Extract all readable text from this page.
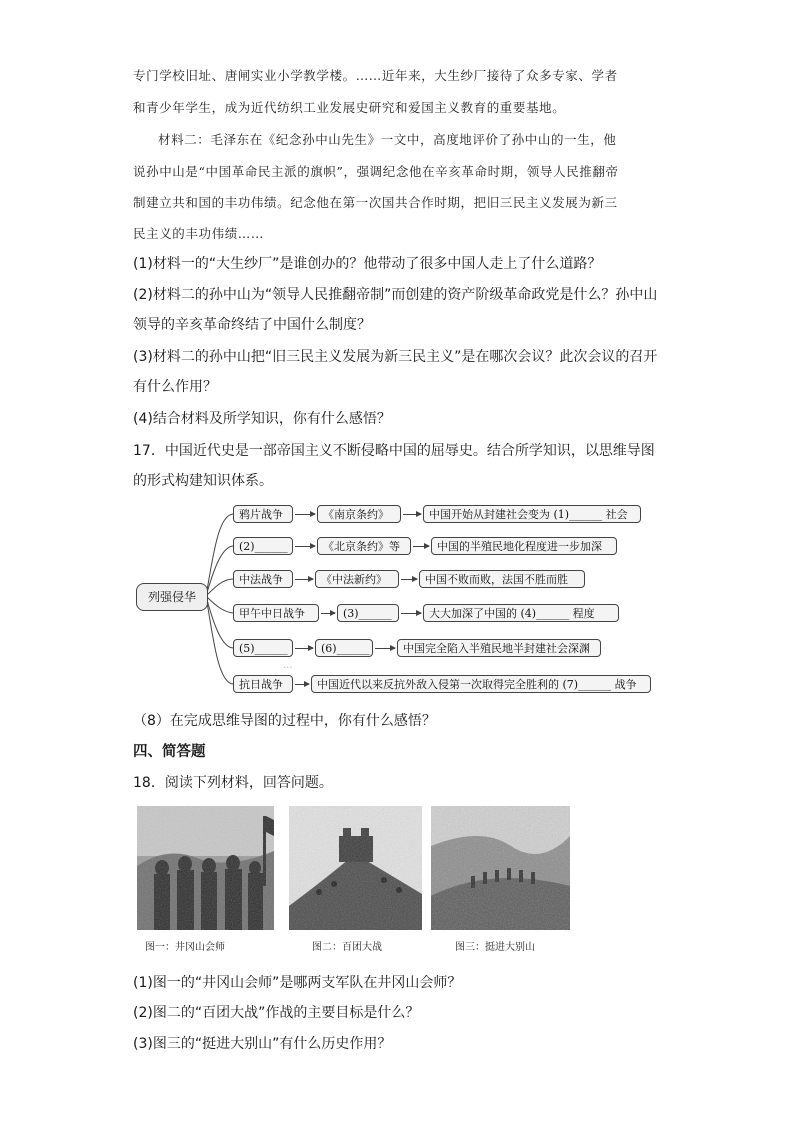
专门学校旧址、唐闸实业小学教学楼。……近年来，大生纱厂接待了众多专家、学者
和青少年学生，成为近代纺织工业发展史研究和爱国主义教育的重要基地。
材料二：毛泽东在《纪念孙中山先生》一文中，高度地评价了孙中山的一生，他
说孙中山是“中国革命民主派的旗帜”，强调纪念他在辛亥革命时期，领导人民推翻帝
制建立共和国的丰功伟绩。纪念他在第一次国共合作时期，把旧三民主义发展为新三
民主义的丰功伟绩……
(1)材料一的“大生纱厂”是谁创办的？他带动了很多中国人走上了什么道路？
(2)材料二的孙中山为“领导人民推翻帝制”而创建的资产阶级革命政党是什么？孙中山
领导的辛亥革命终结了中国什么制度？
(3)材料二的孙中山把“旧三民主义发展为新三民主义”是在哪次会议？此次会议的召开
有什么作用？
(4)结合材料及所学知识，你有什么感悟？
17．中国近代史是一部帝国主义不断侵略中国的屈辱史。结合所学知识，以思维导图
的形式构建知识体系。
列强侵华
鸦片战争	《南京条约》	中国开始从封建社会变为 (1)______ 社会
(2)______	《北京条约》等	中国的半殖民地化程度进一步加深
中法战争	《中法新约》	中国不败而败，法国不胜而胜
甲午中日战争	(3)______	大大加深了中国的 (4)______ 程度
(5)______	(6)______	中国完全陷入半殖民地半封建社会深渊
...
抗日战争	中国近代以来反抗外敌入侵第一次取得完全胜利的 (7)______ 战争
（8）在完成思维导图的过程中，你有什么感悟？
四、简答题
18．阅读下列材料，回答问题。
图一：井冈山会师	图二：百团大战	图三：挺进大别山
(1)图一的“井冈山会师”是哪两支军队在井冈山会师？
(2)图二的“百团大战”作战的主要目标是什么？
(3)图三的“挺进大别山”有什么历史作用？
